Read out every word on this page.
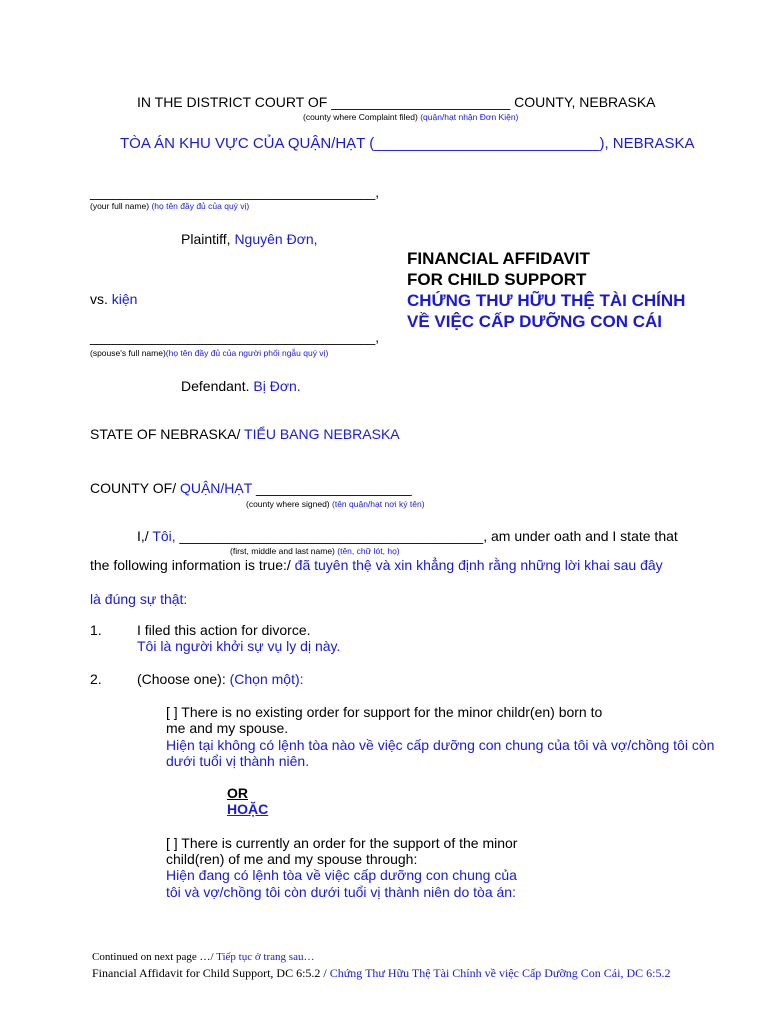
IN THE DISTRICT COURT OF _______________________ COUNTY, NEBRASKA
(county where Complaint filed) (quận/hạt nhận Đơn Kiện)
TÒA ÁN KHU VỰC CỦA QUẬN/HẠT (___________________________), NEBRASKA
______________________________________,
(your full name) (họ tên đầy đủ của quý vị)
Plaintiff, Nguyên Đơn,
vs. kiện
FINANCIAL AFFIDAVIT
FOR CHILD SUPPORT
CHỨNG THƯ HỮU THỆ TÀI CHÍNH
VỀ VIỆC CẤP DƯỠNG CON CÁI
______________________________________,
(spouse's full name)(họ tên đầy đủ của người phối ngẫu quý vị)
Defendant. Bị Đơn.
STATE OF NEBRASKA/ TIỂU BANG NEBRASKA
COUNTY OF/ QUẬN/HẠT ____________________
(county where signed) (tên quận/hạt nơi ký tên)
I,/ Tôi, _______________________________________, am under oath and I state that
(first, middle and last name) (tên, chữ lót, họ)
the following information is true:/ đã tuyên thệ và xin khẳng định rằng những lời khai sau đây
là đúng sự thật:
1.	I filed this action for divorce.
Tôi là người khởi sự vụ ly dị này.
2.	(Choose one): (Chọn một):
[ ] There is no existing order for support for the minor childr(en) born to
me and my spouse.
Hiện tại không có lệnh tòa nào về việc cấp dưỡng con chung của tôi và vợ/chồng tôi còn
dưới tuổi vị thành niên.
OR
HOẶC
[ ] There is currently an order for the support of the minor
child(ren) of me and my spouse through:
Hiện đang có lệnh tòa về việc cấp dưỡng con chung của
tôi và vợ/chồng tôi còn dưới tuổi vị thành niên do tòa án:
Continued on next page …/ Tiếp tục ở trang sau…
Financial Affidavit for Child Support, DC 6:5.2 / Chứng Thư Hữu Thệ Tài Chính về việc Cấp Dưỡng Con Cái, DC 6:5.2
